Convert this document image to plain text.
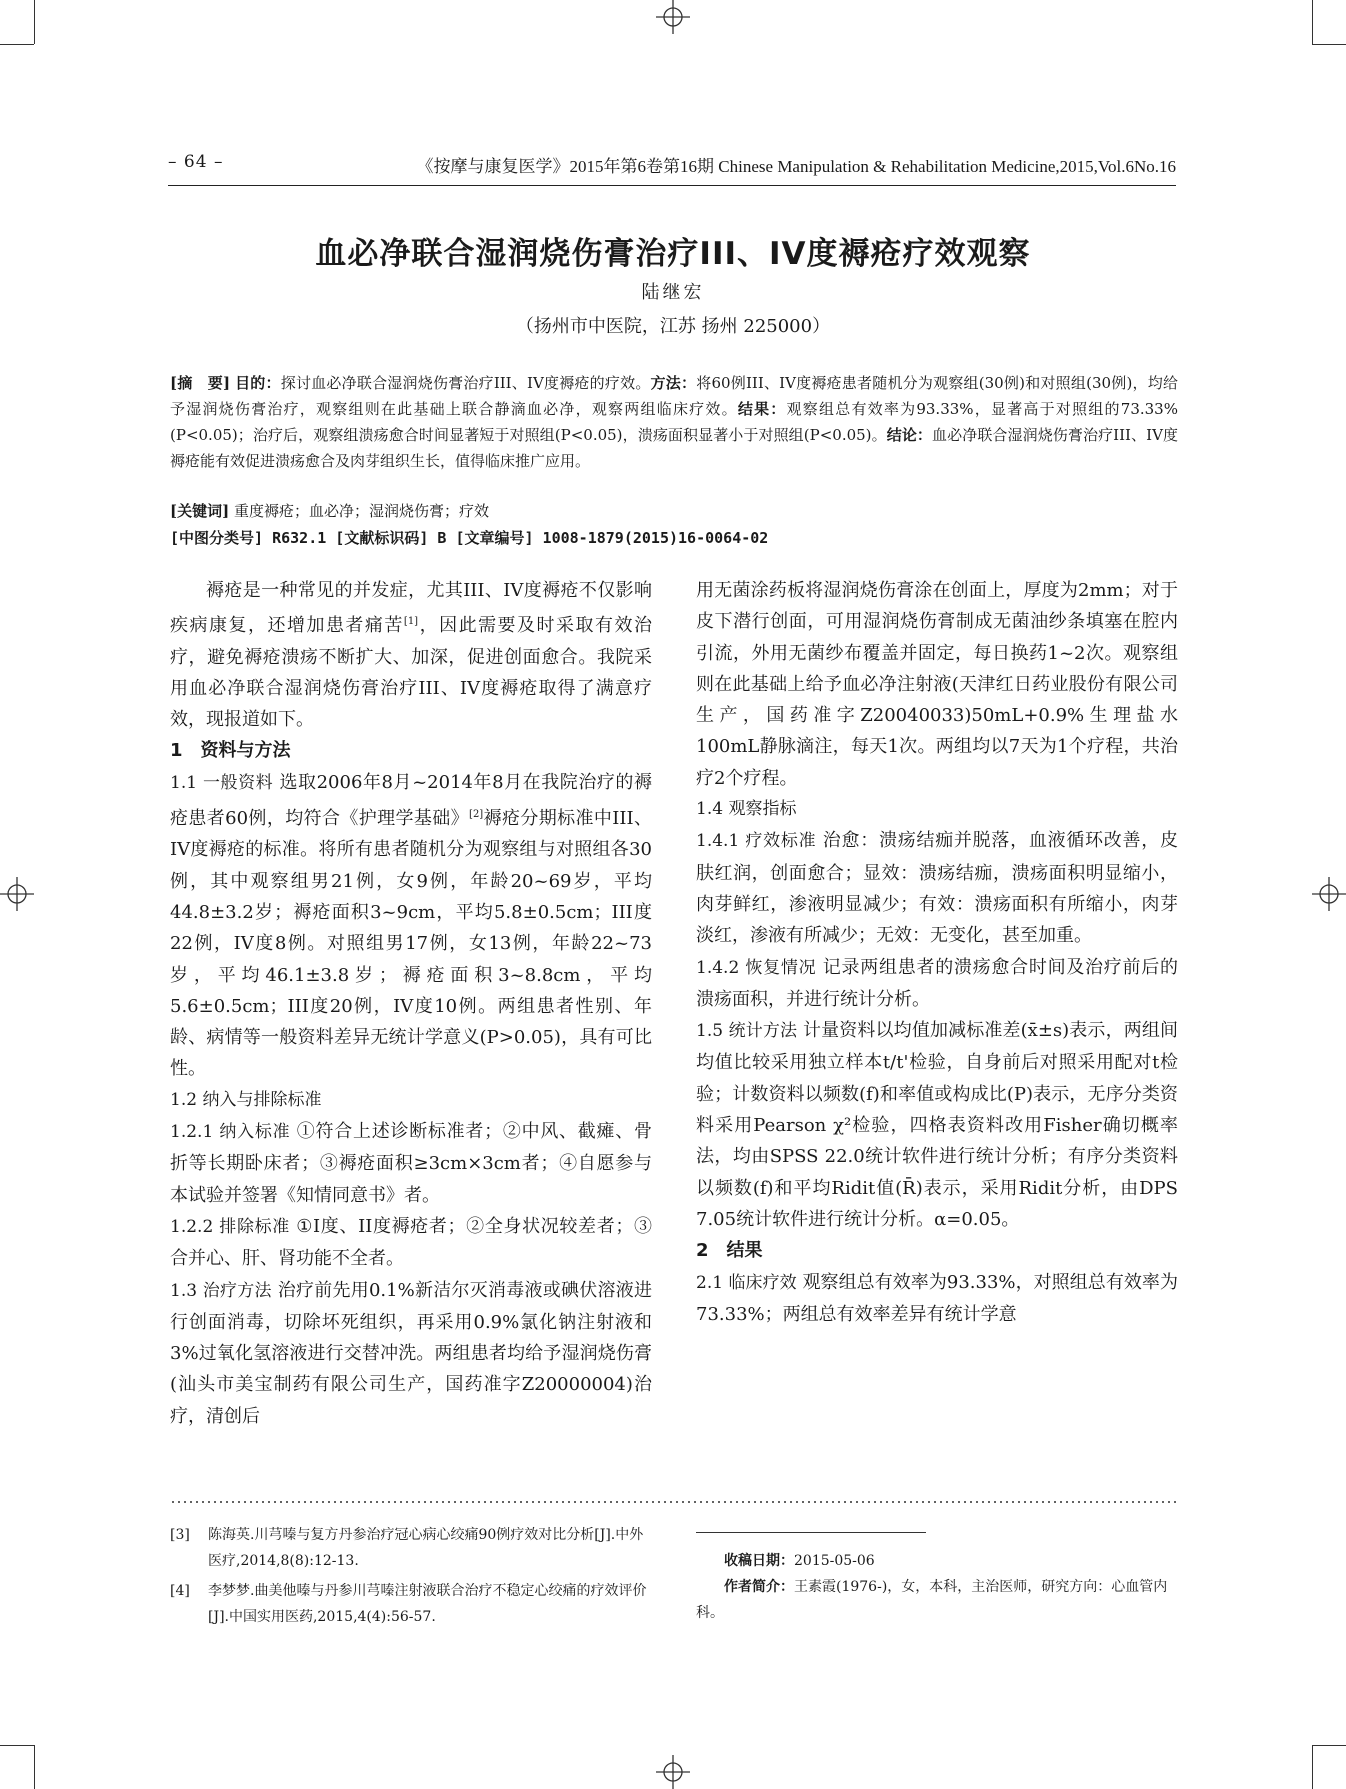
– 64 –	《按摩与康复医学》2015年第6卷第16期 Chinese Manipulation & Rehabilitation Medicine,2015,Vol.6No.16
血必净联合湿润烧伤膏治疗III、IV度褥疮疗效观察
陆继宏
（扬州市中医院，江苏 扬州 225000）
[摘　要] 目的：探讨血必净联合湿润烧伤膏治疗III、IV度褥疮的疗效。方法：将60例III、IV度褥疮患者随机分为观察组(30例)和对照组(30例)，均给予湿润烧伤膏治疗，观察组则在此基础上联合静滴血必净，观察两组临床疗效。结果：观察组总有效率为93.33%，显著高于对照组的73.33%(P<0.05)；治疗后，观察组溃疡愈合时间显著短于对照组(P<0.05)，溃疡面积显著小于对照组(P<0.05)。结论：血必净联合湿润烧伤膏治疗III、IV度褥疮能有效促进溃疡愈合及肉芽组织生长，值得临床推广应用。
[关键词] 重度褥疮；血必净；湿润烧伤膏；疗效
[中图分类号] R632.1 [文献标识码] B [文章编号] 1008-1879(2015)16-0064-02

褥疮是一种常见的并发症，尤其III、IV度褥疮不仅影响疾病康复，还增加患者痛苦[1]，因此需要及时采取有效治疗，避免褥疮溃疡不断扩大、加深，促进创面愈合。我院采用血必净联合湿润烧伤膏治疗III、IV度褥疮取得了满意疗效，现报道如下。

1　资料与方法

1.1 一般资料 选取2006年8月~2014年8月在我院治疗的褥疮患者60例，均符合《护理学基础》[2]褥疮分期标准中III、IV度褥疮的标准。将所有患者随机分为观察组与对照组各30例，其中观察组男21例，女9例，年龄20~69岁，平均44.8±3.2岁；褥疮面积3~9cm，平均5.8±0.5cm；III度22例，IV度8例。对照组男17例，女13例，年龄22~73岁，平均46.1±3.8岁；褥疮面积3~8.8cm，平均5.6±0.5cm；III度20例，IV度10例。两组患者性别、年龄、病情等一般资料差异无统计学意义(P>0.05)，具有可比性。

1.2 纳入与排除标准

1.2.1 纳入标准 ①符合上述诊断标准者；②中风、截瘫、骨折等长期卧床者；③褥疮面积≥3cm×3cm者；④自愿参与本试验并签署《知情同意书》者。

1.2.2 排除标准 ①I度、II度褥疮者；②全身状况较差者；③合并心、肝、肾功能不全者。

1.3 治疗方法 治疗前先用0.1%新洁尔灭消毒液或碘伏溶液进行创面消毒，切除坏死组织，再采用0.9%氯化钠注射液和3%过氧化氢溶液进行交替冲洗。两组患者均给予湿润烧伤膏(汕头市美宝制药有限公司生产，国药准字Z20000004)治疗，清创后

用无菌涂药板将湿润烧伤膏涂在创面上，厚度为2mm；对于皮下潜行创面，可用湿润烧伤膏制成无菌油纱条填塞在腔内引流，外用无菌纱布覆盖并固定，每日换药1~2次。观察组则在此基础上给予血必净注射液(天津红日药业股份有限公司生产，国药准字Z20040033)50mL+0.9%生理盐水100mL静脉滴注，每天1次。两组均以7天为1个疗程，共治疗2个疗程。

1.4 观察指标

1.4.1 疗效标准 治愈：溃疡结痂并脱落，血液循环改善，皮肤红润，创面愈合；显效：溃疡结痂，溃疡面积明显缩小，肉芽鲜红，渗液明显减少；有效：溃疡面积有所缩小，肉芽淡红，渗液有所减少；无效：无变化，甚至加重。

1.4.2 恢复情况 记录两组患者的溃疡愈合时间及治疗前后的溃疡面积，并进行统计分析。

1.5 统计方法 计量资料以均值加减标准差(x̄±s)表示，两组间均值比较采用独立样本t/t'检验，自身前后对照采用配对t检验；计数资料以频数(f)和率值或构成比(P)表示，无序分类资料采用Pearson χ²检验，四格表资料改用Fisher确切概率法，均由SPSS 22.0统计软件进行统计分析；有序分类资料以频数(f)和平均Ridit值(R̄)表示，采用Ridit分析，由DPS 7.05统计软件进行统计分析。α=0.05。

2　结果

2.1 临床疗效 观察组总有效率为93.33%，对照组总有效率为73.33%；两组总有效率差异有统计学意

[3]	陈海英.川芎嗪与复方丹参治疗冠心病心绞痛90例疗效对比分析[J].中外医疗,2014,8(8):12-13.
[4]	李梦梦.曲美他嗪与丹参川芎嗪注射液联合治疗不稳定心绞痛的疗效评价[J].中国实用医药,2015,4(4):56-57.
收稿日期：2015-05-06
作者简介：王素霞(1976-)，女，本科，主治医师，研究方向：心血管内科。
